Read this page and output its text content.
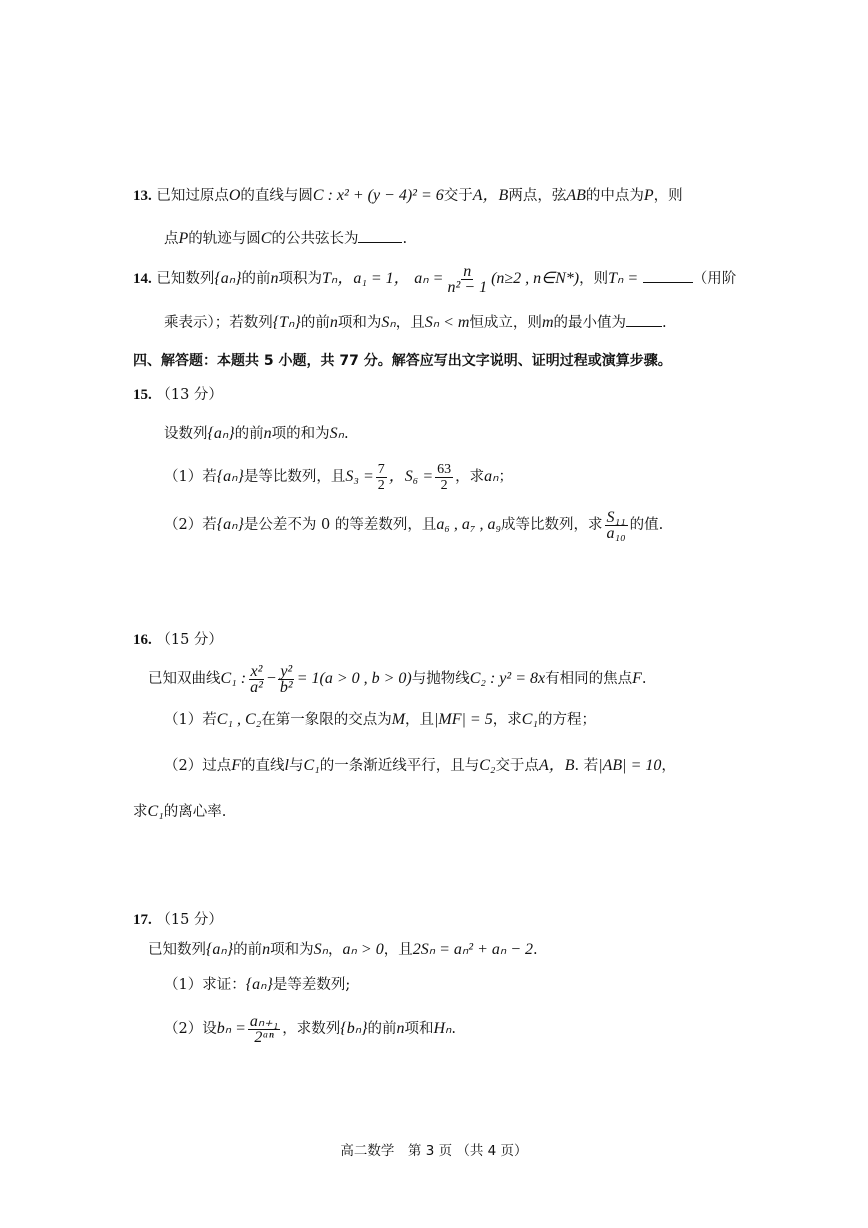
13. 已知过原点O的直线与圆C : x² + (y − 4)² = 6交于A，B两点，弦AB的中点为P，则
点P的轨迹与圆C的公共弦长为	.
14. 已知数列{aₙ}的前n项积为Tₙ，a₁ = 1， $a_n = \frac{n}{\text{n² − 1}} (n\ge 2$ , n∈N*)，则Tₙ =	（用阶
乘表示）；若数列{Tₙ}的前n项和为Sₙ，且Sₙ < m恒成立，则m的最小值为 .
四、解答题：本题共 5 小题，共 77 分。解答应写出文字说明、证明过程或演算步骤。
15. （13 分）
设数列{aₙ}的前n项的和为Sₙ.
（1）若{aₙ}是等比数列，且$S_3 = \frac{7}{2}$ ，$S_6 = \frac{63}{2}$ ，求aₙ；
（2）若{aₙ}是公差不为 0 的等差数列，且a₆ , a₇ , a₉成等比数列，求 $\frac{\text{S₁₁}}{\text{a₁₀}}$ 的值.
16. （15 分）
已知双曲线C₁ : $\frac{\text{x²}}{\text{a²}} - \frac{\text{y²}}{\text{b²}} = 1(a > 0$ , b > 0)与抛物线C₂ : y² = 8x有相同的焦点F.
（1）若C₁ , C₂在第一象限的交点为M，且|MF| = 5，求C₁的方程；
（2）过点F的直线l与C₁的一条渐近线平行，且与C₂交于点A，B. 若|AB| = 10，
求C₁的离心率.
17. （15 分）
已知数列{aₙ}的前n项和为Sₙ，aₙ > 0，且2Sₙ = aₙ² + aₙ − 2.
（1）求证：{aₙ}是等差数列;
（2）设$b_n = \frac{\text{aₙ₊₁}}{\text{2ᵃⁿ}}$ ，求数列{bₙ}的前n项和Hₙ.
高二数学　第 3 页 （共 4 页）
